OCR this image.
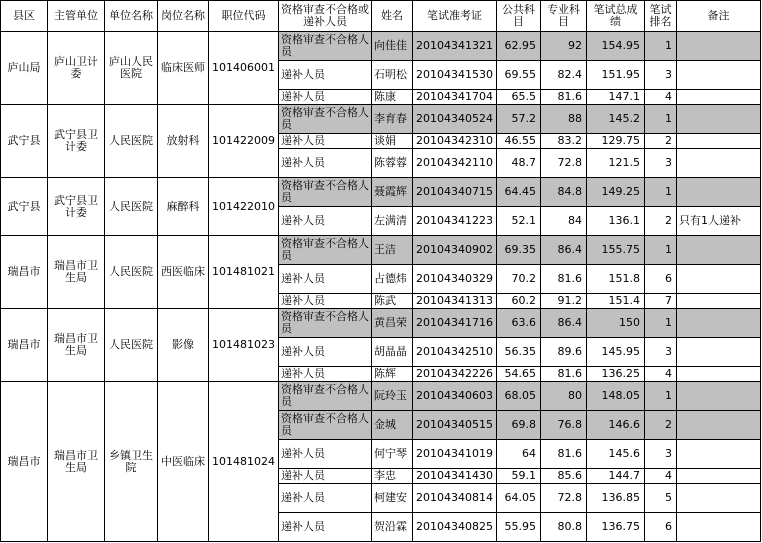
县区	主管单位	单位名称	岗位名称	职位代码	资格审查不合格或递补人员	姓名	笔试准考证	公共科目	专业科目	笔试总成绩	笔试排名	备注
庐山局	庐山卫计委	庐山人民医院	临床医师	101406001	资格审查不合格人员	向佳佳	20104341321	62.95	92	154.95	1	
					递补人员	石明松	20104341530	69.55	82.4	151.95	3	
					递补人员	陈康	20104341704	65.5	81.6	147.1	4	
武宁县	武宁县卫计委	人民医院	放射科	101422009	资格审查不合格人员	李育春	20104340524	57.2	88	145.2	1	
					递补人员	谈娟	20104342310	46.55	83.2	129.75	2	
					递补人员	陈蓉蓉	20104342110	48.7	72.8	121.5	3	
武宁县	武宁县卫计委	人民医院	麻醉科	101422010	资格审查不合格人员	聂霞辉	20104340715	64.45	84.8	149.25	1	
					递补人员	左满清	20104341223	52.1	84	136.1	2	只有1人递补
瑞昌市	瑞昌市卫生局	人民医院	西医临床	101481021	资格审查不合格人员	王洁	20104340902	69.35	86.4	155.75	1	
					递补人员	占德炜	20104340329	70.2	81.6	151.8	6	
					递补人员	陈武	20104341313	60.2	91.2	151.4	7	
瑞昌市	瑞昌市卫生局	人民医院	影像	101481023	资格审查不合格人员	黄昌荣	20104341716	63.6	86.4	150	1	
					递补人员	胡晶晶	20104342510	56.35	89.6	145.95	3	
					递补人员	陈辉	20104342226	54.65	81.6	136.25	4	
瑞昌市	瑞昌市卫生局	乡镇卫生院	中医临床	101481024	资格审查不合格人员	阮玲玉	20104340603	68.05	80	148.05	1	
					资格审查不合格人员	金城	20104340515	69.8	76.8	146.6	2	
					递补人员	何宁琴	20104341019	64	81.6	145.6	3	
					递补人员	李忠	20104341430	59.1	85.6	144.7	4	
					递补人员	柯建安	20104340814	64.05	72.8	136.85	5	
					递补人员	贺沿霖	20104340825	55.95	80.8	136.75	6	
